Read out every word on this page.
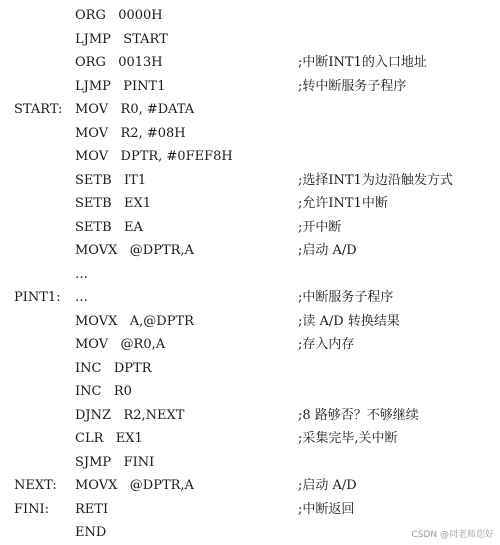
ORG   0000H
LJMP   START
ORG   0013H	;中断INT1的入口地址
LJMP   PINT1	;转中断服务子程序
START: MOV   R0, #DATA
MOV   R2, #08H
MOV   DPTR, #0FEF8H
SETB   IT1	;选择INT1为边沿触发方式
SETB   EX1	;允许INT1中断
SETB   EA	;开中断
MOVX   @DPTR,A	;启动 A/D
…
PINT1: …	;中断服务子程序
MOVX   A,@DPTR	;读 A/D 转换结果
MOV   @R0,A	;存入内存
INC   DPTR
INC   R0
DJNZ   R2,NEXT	;8 路够否？不够继续
CLR   EX1	;采集完毕,关中断
SJMP   FINI
NEXT: MOVX   @DPTR,A	;启动 A/D
FINI: RETI	;中断返回
END	CSDN @同老师您好
